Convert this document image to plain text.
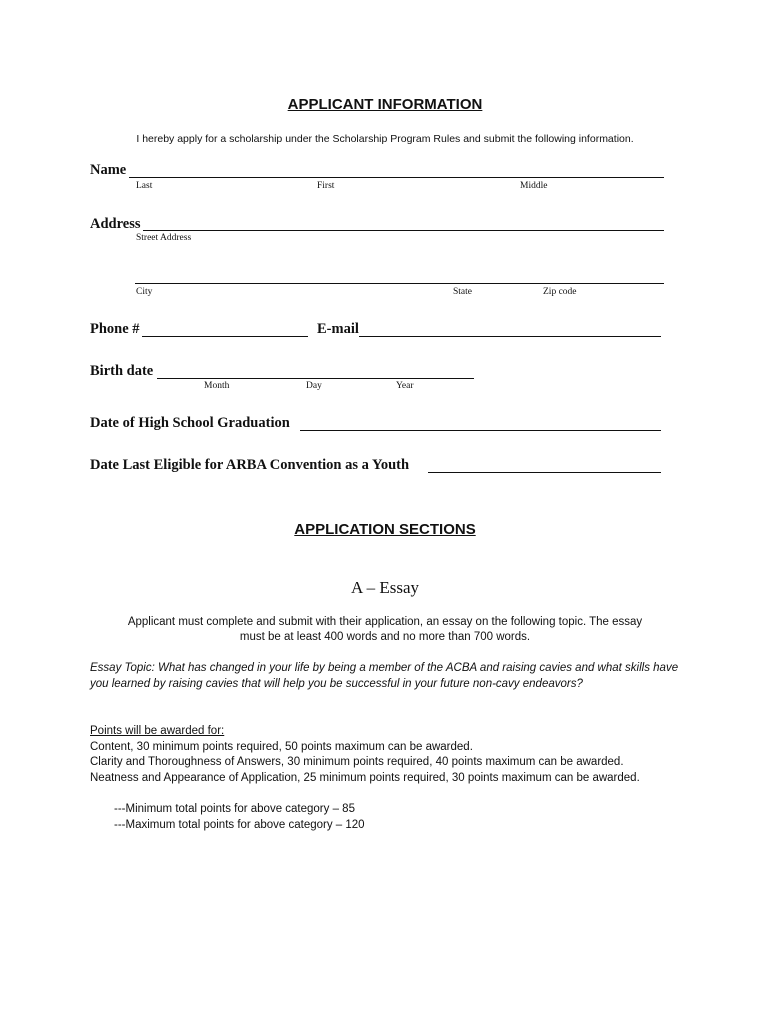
APPLICANT INFORMATION
I hereby apply for a scholarship under the Scholarship Program Rules and submit the following information.
Name
Last	First	Middle
Address
Street Address
City	State	Zip code
Phone #	E-mail
Birth date
Month	Day	Year
Date of High School Graduation
Date Last Eligible for ARBA Convention as a Youth
APPLICATION SECTIONS
A – Essay
Applicant must complete and submit with their application, an essay on the following topic. The essay
must be at least 400 words and no more than 700 words.
Essay Topic: What has changed in your life by being a member of the ACBA and raising cavies and what skills have you learned by raising cavies that will help you be successful in your future non-cavy endeavors?
Points will be awarded for:
Content, 30 minimum points required, 50 points maximum can be awarded.
Clarity and Thoroughness of Answers, 30 minimum points required, 40 points maximum can be awarded.
Neatness and Appearance of Application, 25 minimum points required, 30 points maximum can be awarded.
---Minimum total points for above category – 85
---Maximum total points for above category – 120
